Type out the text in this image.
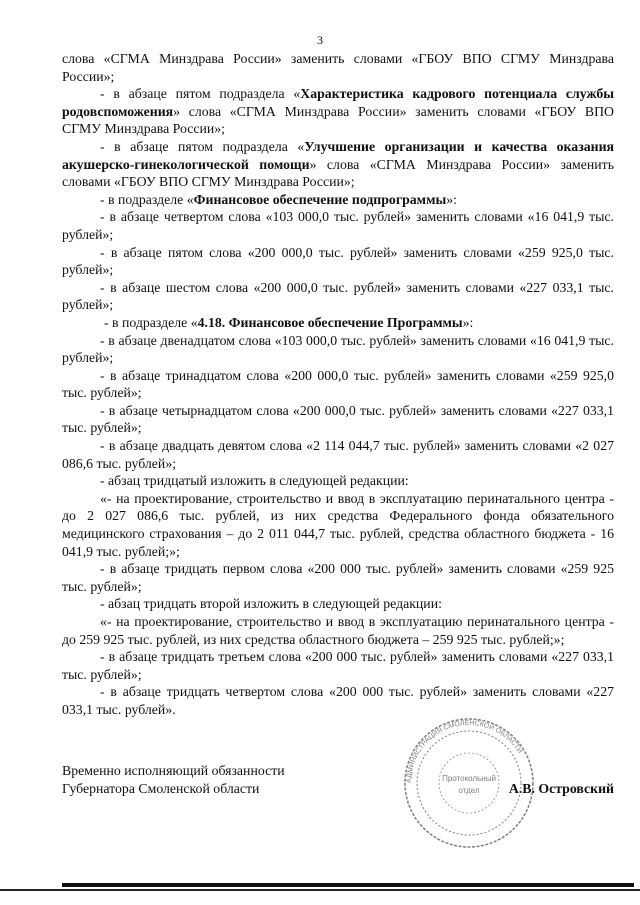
3

слова «СГМА Минздрава России» заменить словами «ГБОУ ВПО СГМУ Минздрава России»;

- в абзаце пятом подраздела «Характеристика кадрового потенциала службы родовспоможения» слова «СГМА Минздрава России» заменить словами «ГБОУ ВПО СГМУ Минздрава России»;

- в абзаце пятом подраздела «Улучшение организации и качества оказания акушерско-гинекологической помощи» слова «СГМА Минздрава России» заменить словами «ГБОУ ВПО СГМУ Минздрава России»;

- в подразделе «Финансовое обеспечение подпрограммы»:

- в абзаце четвертом слова «103 000,0 тыс. рублей» заменить словами «16 041,9 тыс. рублей»;

- в абзаце пятом слова «200 000,0 тыс. рублей» заменить словами «259 925,0 тыс. рублей»;

- в абзаце шестом слова «200 000,0 тыс. рублей» заменить словами «227 033,1 тыс. рублей»;

- в подразделе «4.18. Финансовое обеспечение Программы»:

- в абзаце двенадцатом слова «103 000,0 тыс. рублей» заменить словами «16 041,9 тыс. рублей»;

- в абзаце тринадцатом слова «200 000,0 тыс. рублей» заменить словами «259 925,0 тыс. рублей»;

- в абзаце четырнадцатом слова «200 000,0 тыс. рублей» заменить словами «227 033,1 тыс. рублей»;

- в абзаце двадцать девятом слова «2 114 044,7 тыс. рублей» заменить словами «2 027 086,6 тыс. рублей»;

- абзац тридцатый изложить в следующей редакции:

«- на проектирование, строительство и ввод в эксплуатацию перинатального центра - до 2 027 086,6 тыс. рублей, из них средства Федерального фонда обязательного медицинского страхования – до 2 011 044,7 тыс. рублей, средства областного бюджета - 16 041,9 тыс. рублей;»;

- в абзаце тридцать первом слова «200 000 тыс. рублей» заменить словами «259 925 тыс. рублей»;

- абзац тридцать второй изложить в следующей редакции:

«- на проектирование, строительство и ввод в эксплуатацию перинатального центра - до 259 925 тыс. рублей, из них средства областного бюджета – 259 925 тыс. рублей;»;

- в абзаце тридцать третьем слова «200 000 тыс. рублей» заменить словами «227 033,1 тыс. рублей»;

- в абзаце тридцать четвертом слова «200 000 тыс. рублей» заменить словами «227 033,1 тыс. рублей».

Временно исполняющий обязанности
Губернатора Смоленской области	А.В. Островский
АДМИНИСТРАЦИЯ СМОЛЕНСКОЙ ОБЛАСТИ
Протокольный
отдел
